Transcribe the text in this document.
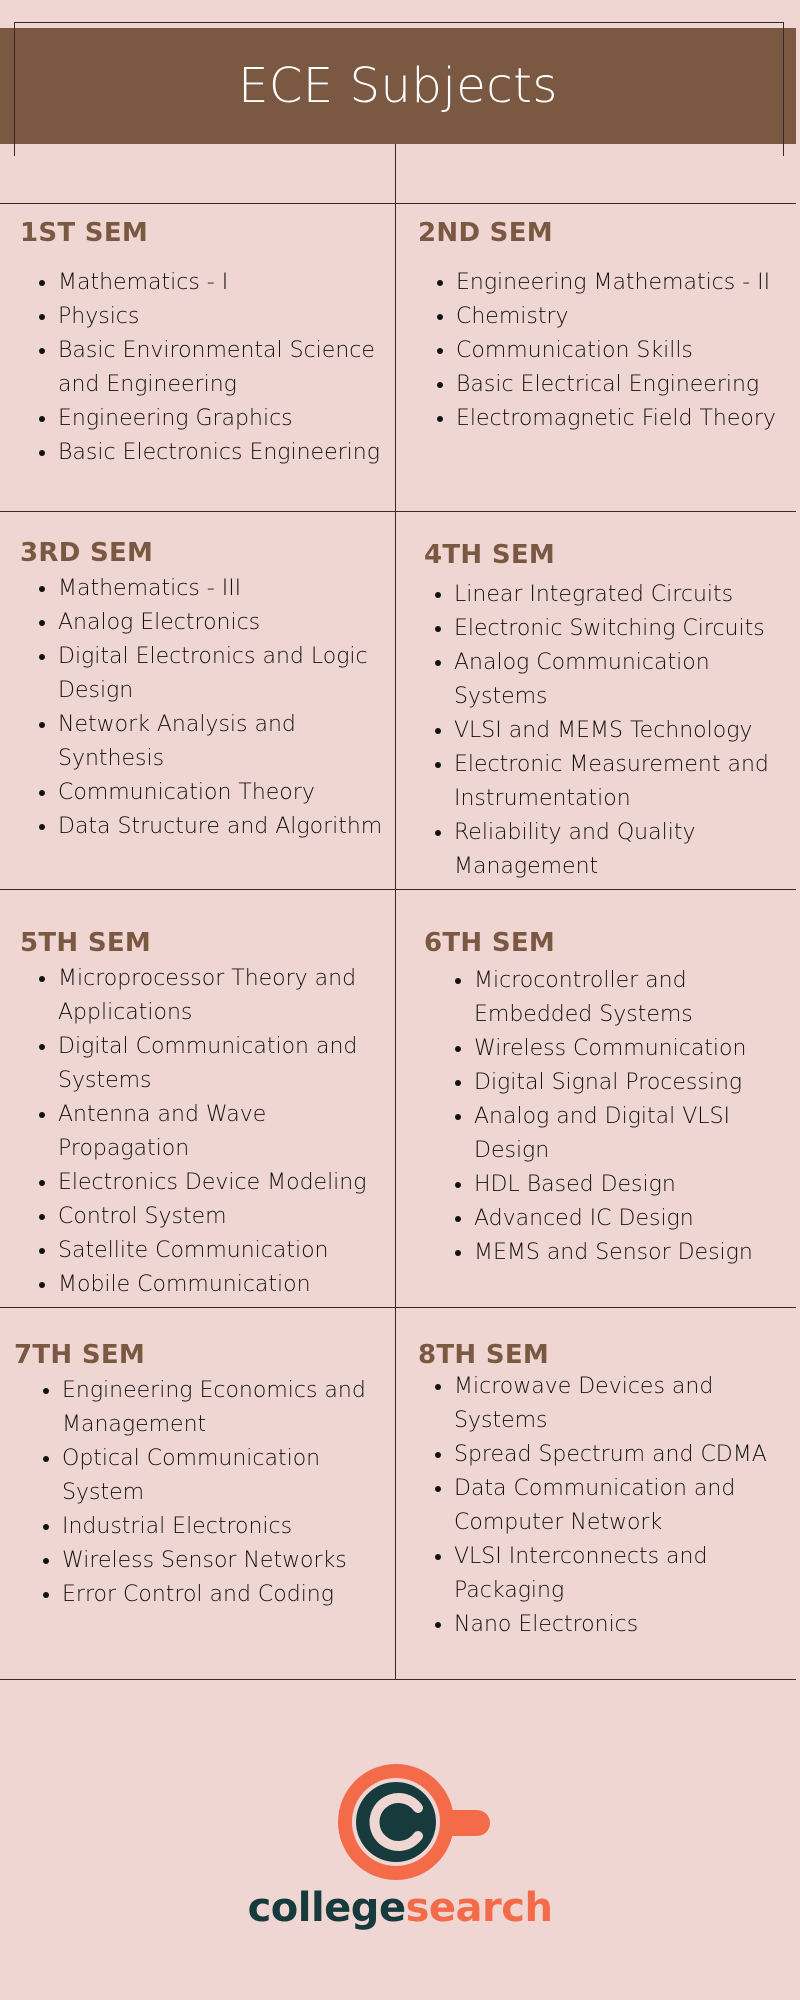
ECE Subjects
1ST SEM
• Mathematics - I
• Physics
• Basic Environmental Science and Engineering
• Engineering Graphics
• Basic Electronics Engineering
2ND SEM
• Engineering Mathematics - II
• Chemistry
• Communication Skills
• Basic Electrical Engineering
• Electromagnetic Field Theory
3RD SEM
• Mathematics - III
• Analog Electronics
• Digital Electronics and Logic Design
• Network Analysis and Synthesis
• Communication Theory
• Data Structure and Algorithm
4TH SEM
• Linear Integrated Circuits
• Electronic Switching Circuits
• Analog Communication Systems
• VLSI and MEMS Technology
• Electronic Measurement and Instrumentation
• Reliability and Quality Management
5TH SEM
• Microprocessor Theory and Applications
• Digital Communication and Systems
• Antenna and Wave Propagation
• Electronics Device Modeling
• Control System
• Satellite Communication
• Mobile Communication
6TH SEM
• Microcontroller and Embedded Systems
• Wireless Communication
• Digital Signal Processing
• Analog and Digital VLSI Design
• HDL Based Design
• Advanced IC Design
• MEMS and Sensor Design
7TH SEM
• Engineering Economics and Management
• Optical Communication System
• Industrial Electronics
• Wireless Sensor Networks
• Error Control and Coding
8TH SEM
• Microwave Devices and Systems
• Spread Spectrum and CDMA
• Data Communication and Computer Network
• VLSI Interconnects and Packaging
• Nano Electronics
collegesearch
